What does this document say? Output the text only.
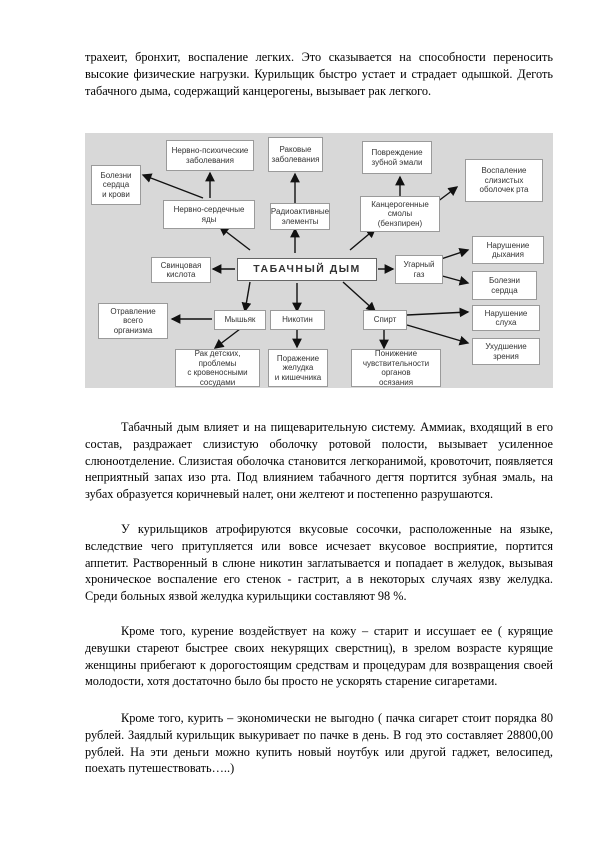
трахеит, бронхит, воспаление легких. Это сказывается на способности переносить высокие физические нагрузки. Курильщик быстро устает и страдает одышкой. Деготь табачного дыма, содержащий канцерогены, вызывает рак легкого.

Болезни
сердца
и крови
Нервно-психические
заболевания
Раковые
заболевания
Повреждение
зубной эмали
Воспаление
слизистых
оболочек рта
Нервно-сердечные
яды
Радиоактивные
элементы
Канцерогенные
смолы
(бензпирен)
Свинцовая
кислота	ТАБАЧНЫЙ ДЫМ	Угарный
газ
Нарушение
дыхания
Болезни
сердца
Отравление
всего
организма
Мышьяк	Никотин	Спирт
Нарушение
слуха
Ухудшение
зрения
Рак детских,
проблемы
с кровеносными
сосудами
Поражение
желудка
и кишечника
Понижение
чувствительности
органов
осязания

Табачный дым влияет и на пищеварительную систему. Аммиак, входящий в его состав, раздражает слизистую оболочку ротовой полости, вызывает усиленное слюноотделение. Слизистая оболочка становится легкоранимой, кровоточит, появляется неприятный запах изо рта. Под влиянием табачного дегтя портится зубная эмаль, на зубах образуется коричневый налет, они желтеют и постепенно разрушаются.

У курильщиков атрофируются вкусовые сосочки, расположенные на языке, вследствие чего притупляется или вовсе исчезает вкусовое восприятие, портится аппетит. Растворенный в слюне никотин заглатывается и попадает в желудок, вызывая хроническое воспаление его стенок - гастрит, а в некоторых случаях язву желудка. Среди больных язвой желудка курильщики составляют 98 %.

Кроме того, курение воздействует на кожу – старит и иссушает ее ( курящие девушки стареют быстрее своих некурящих сверстниц), в зрелом возрасте курящие женщины прибегают к дорогостоящим средствам и процедурам для возвращения своей молодости, хотя достаточно было бы просто не ускорять старение сигаретами.

Кроме того, курить – экономически не выгодно ( пачка сигарет стоит порядка 80 рублей. Заядлый курильщик выкуривает по пачке в день. В год это составляет 28800,00 рублей. На эти деньги можно купить новый ноутбук или другой гаджет, велосипед, поехать путешествовать…..)
